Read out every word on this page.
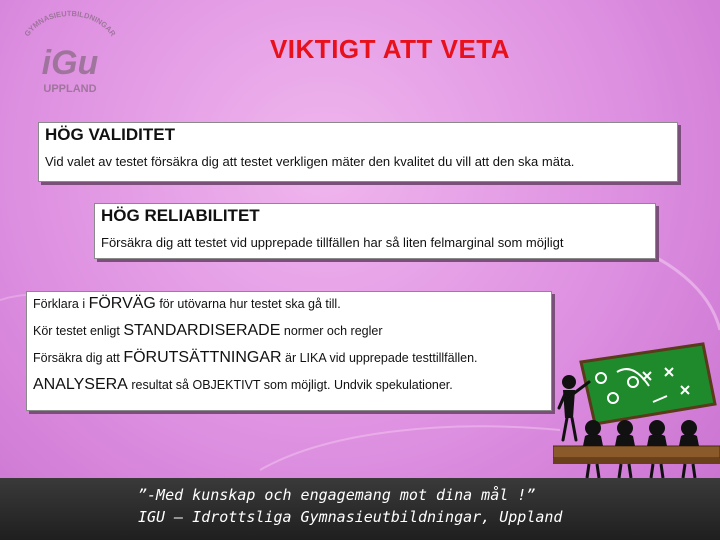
GYMNASIEUTBILDNINGAR
iGu
UPPLAND
VIKTIGT ATT VETA
HÖG VALIDITET
Vid valet av testet försäkra dig att testet verkligen mäter den kvalitet du vill att den ska mäta.
HÖG RELIABILITET
Försäkra dig att testet vid upprepade tillfällen har så liten felmarginal som möjligt
Förklara i FÖRVÄG för utövarna hur testet ska gå till.
Kör testet enligt STANDARDISERADE normer och regler
Försäkra dig att FÖRUTSÄTTNINGAR är LIKA vid upprepade testtillfällen.
ANALYSERA resultat så OBJEKTIVT som möjligt. Undvik spekulationer.
”-Med kunskap och engagemang mot dina mål !”
IGU – Idrottsliga Gymnasieutbildningar, Uppland
